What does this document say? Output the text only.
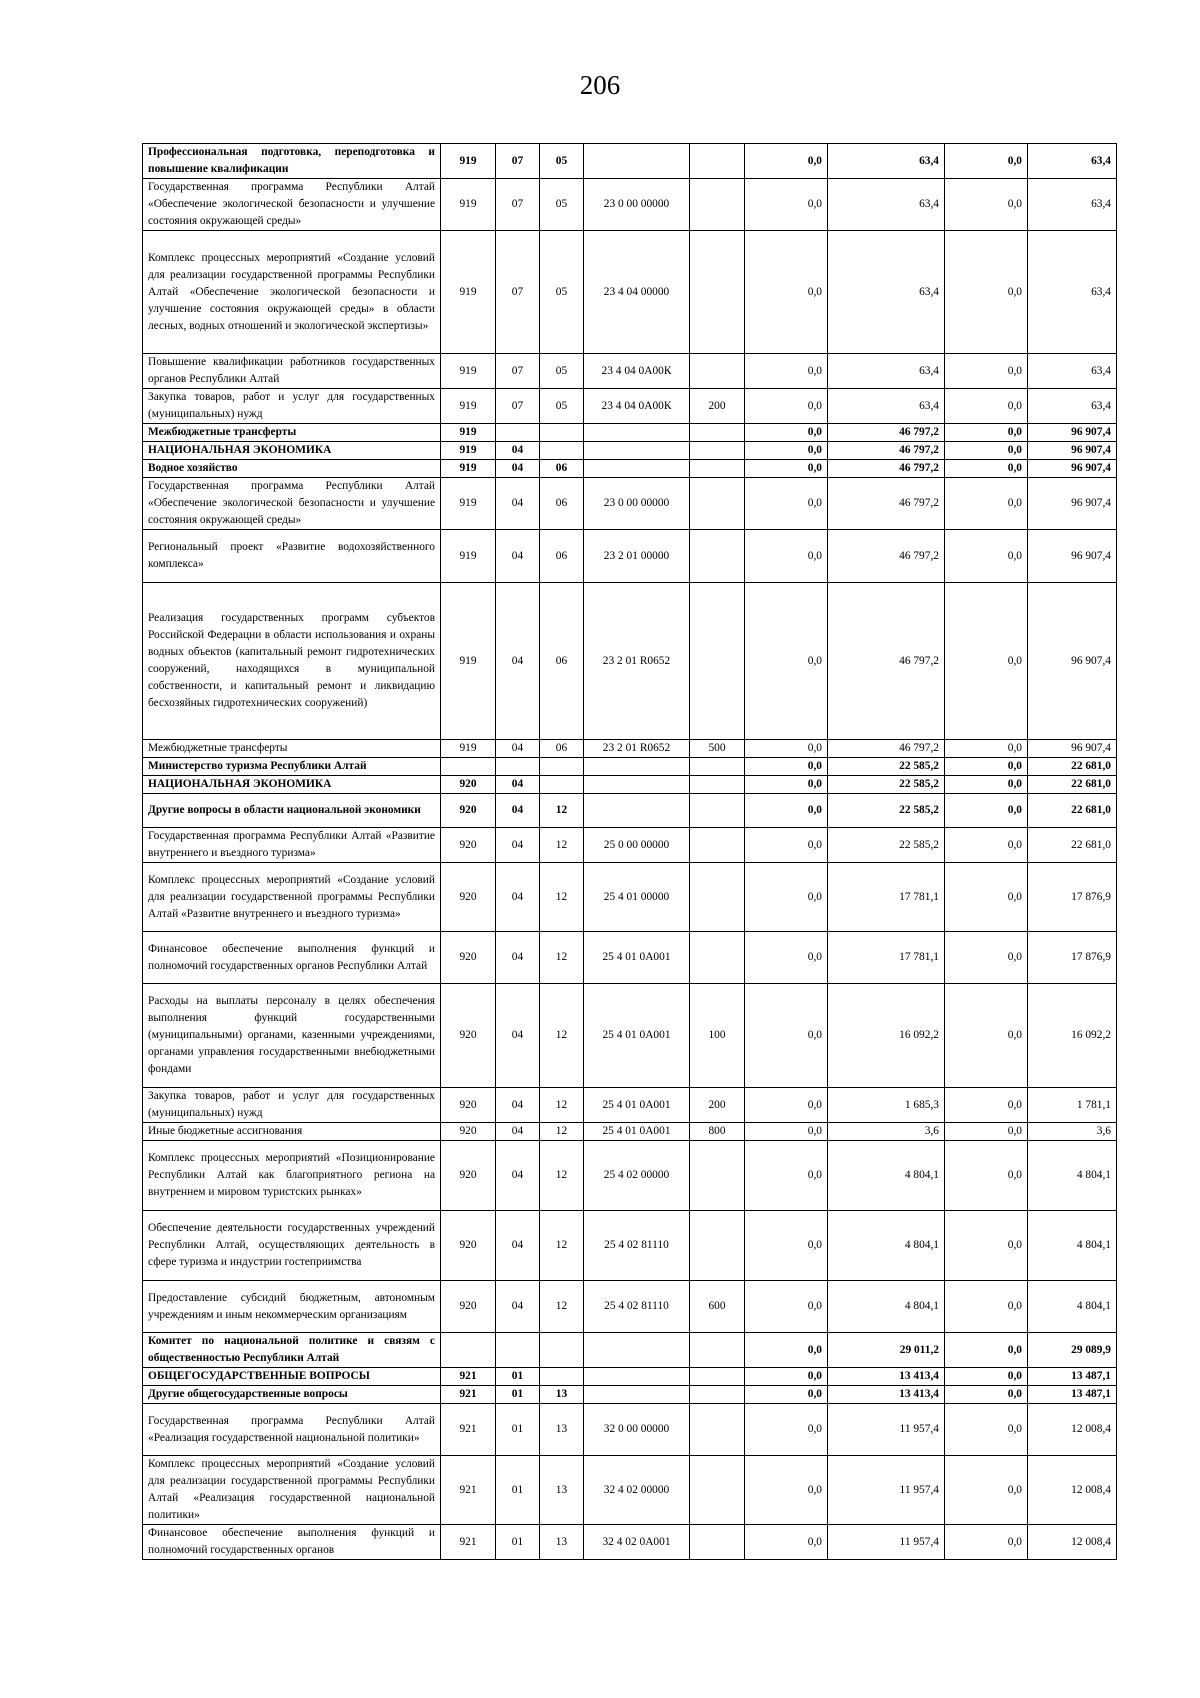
206
Профессиональная подготовка, переподготовка и повышение квалификации	919	07	05			0,0	63,4	0,0	63,4
Государственная программа Республики Алтай «Обеспечение экологической безопасности и улучшение состояния окружающей среды»	919	07	05	23 0 00 00000		0,0	63,4	0,0	63,4
Комплекс процессных мероприятий «Создание условий для реализации государственной программы Республики Алтай «Обеспечение экологической безопасности и улучшение состояния окружающей среды» в области лесных, водных отношений и экологической экспертизы»	919	07	05	23 4 04 00000		0,0	63,4	0,0	63,4
Повышение квалификации работников государственных органов Республики Алтай	919	07	05	23 4 04 0А00К		0,0	63,4	0,0	63,4
Закупка товаров, работ и услуг для государственных (муниципальных) нужд	919	07	05	23 4 04 0А00К	200	0,0	63,4	0,0	63,4
Межбюджетные трансферты	919					0,0	46 797,2	0,0	96 907,4
НАЦИОНАЛЬНАЯ ЭКОНОМИКА	919	04				0,0	46 797,2	0,0	96 907,4
Водное хозяйство	919	04	06			0,0	46 797,2	0,0	96 907,4
Государственная программа Республики Алтай «Обеспечение экологической безопасности и улучшение состояния окружающей среды»	919	04	06	23 0 00 00000		0,0	46 797,2	0,0	96 907,4
Региональный проект «Развитие водохозяйственного комплекса»	919	04	06	23 2 01 00000		0,0	46 797,2	0,0	96 907,4
Реализация государственных программ субъектов Российской Федерации в области использования и охраны водных объектов (капитальный ремонт гидротехнических сооружений, находящихся в муниципальной собственности, и капитальный ремонт и ликвидацию бесхозяйных гидротехнических сооружений)	919	04	06	23 2 01 R0652		0,0	46 797,2	0,0	96 907,4
Межбюджетные трансферты	919	04	06	23 2 01 R0652	500	0,0	46 797,2	0,0	96 907,4
Министерство туризма Республики Алтай						0,0	22 585,2	0,0	22 681,0
НАЦИОНАЛЬНАЯ ЭКОНОМИКА	920	04				0,0	22 585,2	0,0	22 681,0
Другие вопросы в области национальной экономики	920	04	12			0,0	22 585,2	0,0	22 681,0
Государственная программа Республики Алтай «Развитие внутреннего и въездного туризма»	920	04	12	25 0 00 00000		0,0	22 585,2	0,0	22 681,0
Комплекс процессных мероприятий «Создание условий для реализации государственной программы Республики Алтай «Развитие внутреннего и въездного туризма»	920	04	12	25 4 01 00000		0,0	17 781,1	0,0	17 876,9
Финансовое обеспечение выполнения функций и полномочий государственных органов Республики Алтай	920	04	12	25 4 01 0А001		0,0	17 781,1	0,0	17 876,9
Расходы на выплаты персоналу в целях обеспечения выполнения функций государственными (муниципальными) органами, казенными учреждениями, органами управления государственными внебюджетными фондами	920	04	12	25 4 01 0А001	100	0,0	16 092,2	0,0	16 092,2
Закупка товаров, работ и услуг для государственных (муниципальных) нужд	920	04	12	25 4 01 0А001	200	0,0	1 685,3	0,0	1 781,1
Иные бюджетные ассигнования	920	04	12	25 4 01 0А001	800	0,0	3,6	0,0	3,6
Комплекс процессных мероприятий «Позиционирование Республики Алтай как благоприятного региона на внутреннем и мировом туристских рынках»	920	04	12	25 4 02 00000		0,0	4 804,1	0,0	4 804,1
Обеспечение деятельности государственных учреждений Республики Алтай, осуществляющих деятельность в сфере туризма и индустрии гостеприимства	920	04	12	25 4 02 81110		0,0	4 804,1	0,0	4 804,1
Предоставление субсидий бюджетным, автономным учреждениям и иным некоммерческим организациям	920	04	12	25 4 02 81110	600	0,0	4 804,1	0,0	4 804,1
Комитет по национальной политике и связям с общественностью Республики Алтай						0,0	29 011,2	0,0	29 089,9
ОБЩЕГОСУДАРСТВЕННЫЕ ВОПРОСЫ	921	01				0,0	13 413,4	0,0	13 487,1
Другие общегосударственные вопросы	921	01	13			0,0	13 413,4	0,0	13 487,1
Государственная программа Республики Алтай «Реализация государственной национальной политики»	921	01	13	32 0 00 00000		0,0	11 957,4	0,0	12 008,4
Комплекс процессных мероприятий «Создание условий для реализации государственной программы Республики Алтай «Реализация государственной национальной политики»	921	01	13	32 4 02 00000		0,0	11 957,4	0,0	12 008,4
Финансовое обеспечение выполнения функций и полномочий государственных органов	921	01	13	32 4 02 0А001		0,0	11 957,4	0,0	12 008,4
